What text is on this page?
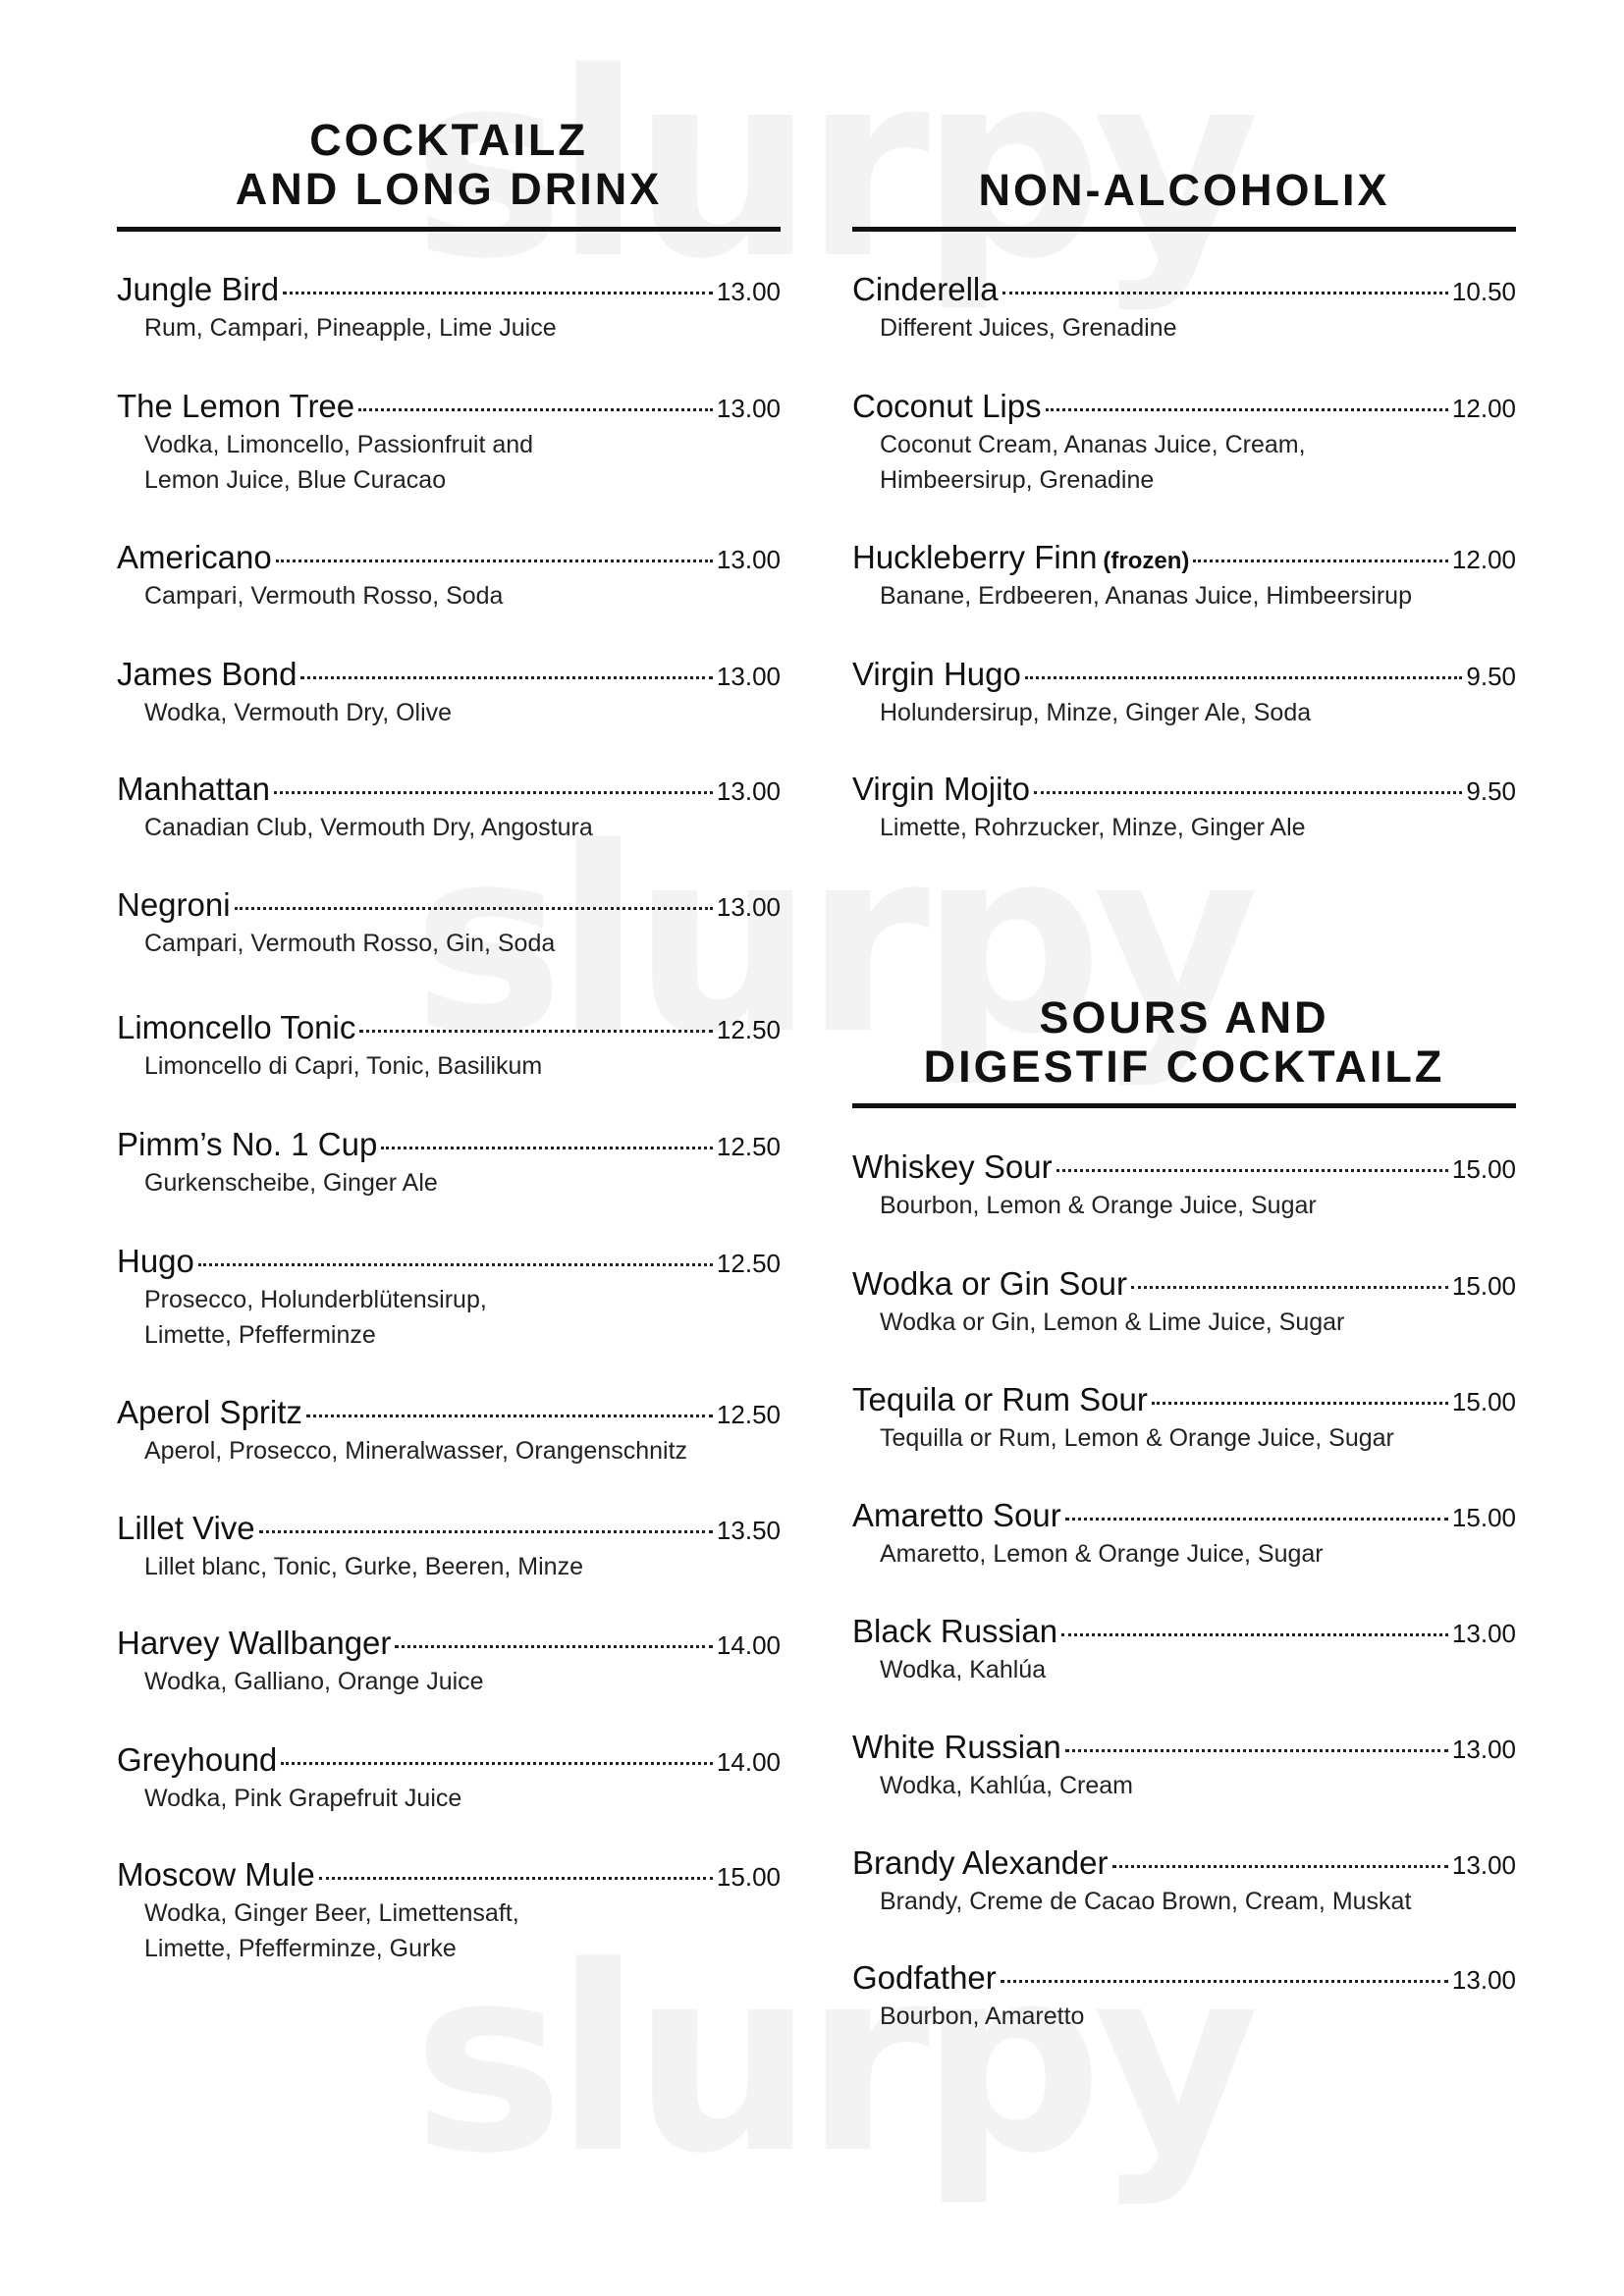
COCKTAILZ
AND LONG DRINX
Jungle Bird	13.00
Rum, Campari, Pineapple, Lime Juice
The Lemon Tree	13.00
Vodka, Limoncello, Passionfruit and
Lemon Juice, Blue Curacao
Americano	13.00
Campari, Vermouth Rosso, Soda
James Bond	13.00
Wodka, Vermouth Dry, Olive
Manhattan	13.00
Canadian Club, Vermouth Dry, Angostura
Negroni	13.00
Campari, Vermouth Rosso, Gin, Soda
Limoncello Tonic	12.50
Limoncello di Capri, Tonic, Basilikum
Pimm’s No. 1 Cup	12.50
Gurkenscheibe, Ginger Ale
Hugo	12.50
Prosecco, Holunderblütensirup,
Limette, Pfefferminze
Aperol Spritz	12.50
Aperol, Prosecco, Mineralwasser, Orangenschnitz
Lillet Vive	13.50
Lillet blanc, Tonic, Gurke, Beeren, Minze
Harvey Wallbanger	14.00
Wodka, Galliano, Orange Juice
Greyhound	14.00
Wodka, Pink Grapefruit Juice
Moscow Mule	15.00
Wodka, Ginger Beer, Limettensaft,
Limette, Pfefferminze, Gurke
NON-ALCOHOLIX
Cinderella	10.50
Different Juices, Grenadine
Coconut Lips	12.00
Coconut Cream, Ananas Juice, Cream,
Himbeersirup, Grenadine
Huckleberry Finn (frozen)	12.00
Banane, Erdbeeren, Ananas Juice, Himbeersirup
Virgin Hugo	9.50
Holundersirup, Minze, Ginger Ale, Soda
Virgin Mojito	9.50
Limette, Rohrzucker, Minze, Ginger Ale
SOURS AND
DIGESTIF COCKTAILZ
Whiskey Sour	15.00
Bourbon, Lemon & Orange Juice, Sugar
Wodka or Gin Sour	15.00
Wodka or Gin, Lemon & Lime Juice, Sugar
Tequila or Rum Sour	15.00
Tequilla or Rum, Lemon & Orange Juice, Sugar
Amaretto Sour	15.00
Amaretto, Lemon & Orange Juice, Sugar
Black Russian	13.00
Wodka, Kahlúa
White Russian	13.00
Wodka, Kahlúa, Cream
Brandy Alexander	13.00
Brandy, Creme de Cacao Brown, Cream, Muskat
Godfather	13.00
Bourbon, Amaretto
